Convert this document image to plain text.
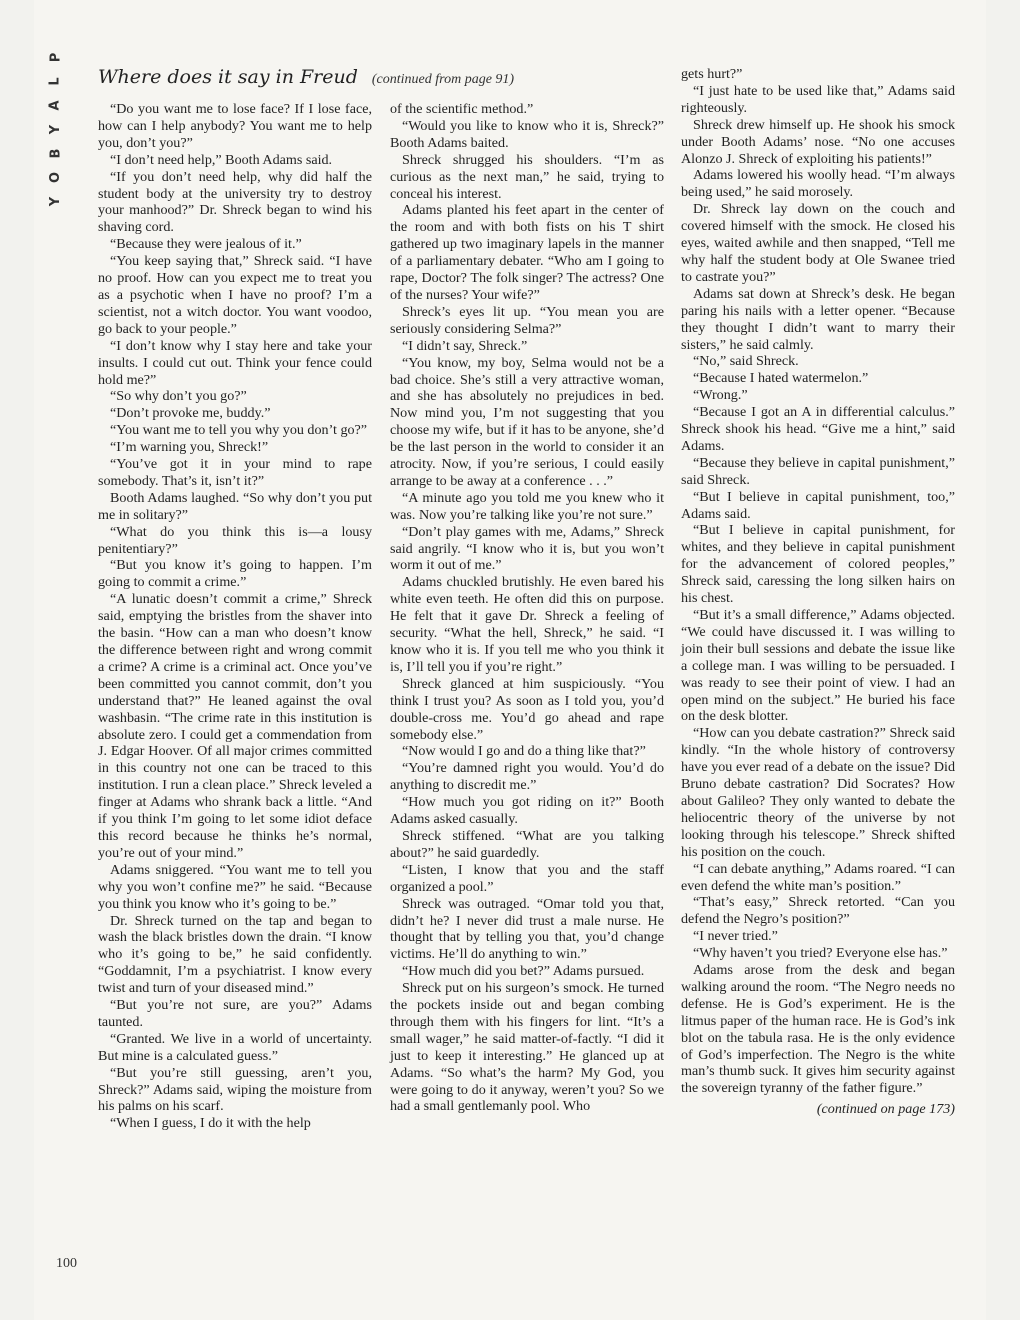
P
L
A
Y
B
O
Y
Where does it say in Freud (continued from page 91)

“Do you want me to lose face? If I lose face, how can I help anybody? You want me to help you, don’t you?”

“I don’t need help,” Booth Adams said.

“If you don’t need help, why did half the student body at the university try to destroy your manhood?” Dr. Shreck began to wind his shaving cord.

“Because they were jealous of it.”

“You keep saying that,” Shreck said. “I have no proof. How can you expect me to treat you as a psychotic when I have no proof? I’m a scientist, not a witch doctor. You want voodoo, go back to your people.”

“I don’t know why I stay here and take your insults. I could cut out. Think your fence could hold me?”

“So why don’t you go?”

“Don’t provoke me, buddy.”

“You want me to tell you why you don’t go?”

“I’m warning you, Shreck!”

“You’ve got it in your mind to rape somebody. That’s it, isn’t it?”

Booth Adams laughed. “So why don’t you put me in solitary?”

“What do you think this is—a lousy penitentiary?”

“But you know it’s going to happen. I’m going to commit a crime.”

“A lunatic doesn’t commit a crime,” Shreck said, emptying the bristles from the shaver into the basin. “How can a man who doesn’t know the difference between right and wrong commit a crime? A crime is a criminal act. Once you’ve been committed you cannot commit, don’t you understand that?” He leaned against the oval washbasin. “The crime rate in this institution is absolute zero. I could get a commendation from J. Edgar Hoover. Of all major crimes committed in this country not one can be traced to this institution. I run a clean place.” Shreck leveled a finger at Adams who shrank back a little. “And if you think I’m going to let some idiot deface this record because he thinks he’s normal, you’re out of your mind.”

Adams sniggered. “You want me to tell you why you won’t confine me?” he said. “Because you think you know who it’s going to be.”

Dr. Shreck turned on the tap and began to wash the black bristles down the drain. “I know who it’s going to be,” he said confidently. “Goddamnit, I’m a psychiatrist. I know every twist and turn of your diseased mind.”

“But you’re not sure, are you?” Adams taunted.

“Granted. We live in a world of uncertainty. But mine is a calculated guess.”

“But you’re still guessing, aren’t you, Shreck?” Adams said, wiping the moisture from his palms on his scarf.

“When I guess, I do it with the help

of the scientific method.”

“Would you like to know who it is, Shreck?” Booth Adams baited.

Shreck shrugged his shoulders. “I’m as curious as the next man,” he said, trying to conceal his interest.

Adams planted his feet apart in the center of the room and with both fists on his T shirt gathered up two imaginary lapels in the manner of a parliamentary debater. “Who am I going to rape, Doctor? The folk singer? The actress? One of the nurses? Your wife?”

Shreck’s eyes lit up. “You mean you are seriously considering Selma?”

“I didn’t say, Shreck.”

“You know, my boy, Selma would not be a bad choice. She’s still a very attractive woman, and she has absolutely no prejudices in bed. Now mind you, I’m not suggesting that you choose my wife, but if it has to be anyone, she’d be the last person in the world to consider it an atrocity. Now, if you’re serious, I could easily arrange to be away at a conference . . .”

“A minute ago you told me you knew who it was. Now you’re talking like you’re not sure.”

“Don’t play games with me, Adams,” Shreck said angrily. “I know who it is, but you won’t worm it out of me.”

Adams chuckled brutishly. He even bared his white even teeth. He often did this on purpose. He felt that it gave Dr. Shreck a feeling of security. “What the hell, Shreck,” he said. “I know who it is. If you tell me who you think it is, I’ll tell you if you’re right.”

Shreck glanced at him suspiciously. “You think I trust you? As soon as I told you, you’d double-cross me. You’d go ahead and rape somebody else.”

“Now would I go and do a thing like that?”

“You’re damned right you would. You’d do anything to discredit me.”

“How much you got riding on it?” Booth Adams asked casually.

Shreck stiffened. “What are you talking about?” he said guardedly.

“Listen, I know that you and the staff organized a pool.”

Shreck was outraged. “Omar told you that, didn’t he? I never did trust a male nurse. He thought that by telling you that, you’d change victims. He’ll do anything to win.”

“How much did you bet?” Adams pursued.

Shreck put on his surgeon’s smock. He turned the pockets inside out and began combing through them with his fingers for lint. “It’s a small wager,” he said matter-of-factly. “I did it just to keep it interesting.” He glanced up at Adams. “So what’s the harm? My God, you were going to do it anyway, weren’t you? So we had a small gentlemanly pool. Who

gets hurt?”

“I just hate to be used like that,” Adams said righteously.

Shreck drew himself up. He shook his smock under Booth Adams’ nose. “No one accuses Alonzo J. Shreck of exploiting his patients!”

Adams lowered his woolly head. “I’m always being used,” he said morosely.

Dr. Shreck lay down on the couch and covered himself with the smock. He closed his eyes, waited awhile and then snapped, “Tell me why half the student body at Ole Swanee tried to castrate you?”

Adams sat down at Shreck’s desk. He began paring his nails with a letter opener. “Because they thought I didn’t want to marry their sisters,” he said calmly.

“No,” said Shreck.

“Because I hated watermelon.”

“Wrong.”

“Because I got an A in differential calculus.” Shreck shook his head. “Give me a hint,” said Adams.

“Because they believe in capital punishment,” said Shreck.

“But I believe in capital punishment, too,” Adams said.

“But I believe in capital punishment, for whites, and they believe in capital punishment for the advancement of colored peoples,” Shreck said, caressing the long silken hairs on his chest.

“But it’s a small difference,” Adams objected. “We could have discussed it. I was willing to join their bull sessions and debate the issue like a college man. I was willing to be persuaded. I was ready to see their point of view. I had an open mind on the subject.” He buried his face on the desk blotter.

“How can you debate castration?” Shreck said kindly. “In the whole history of controversy have you ever read of a debate on the issue? Did Bruno debate castration? Did Socrates? How about Galileo? They only wanted to debate the heliocentric theory of the universe by not looking through his telescope.” Shreck shifted his position on the couch.

“I can debate anything,” Adams roared. “I can even defend the white man’s position.”

“That’s easy,” Shreck retorted. “Can you defend the Negro’s position?”

“I never tried.”

“Why haven’t you tried? Everyone else has.”

Adams arose from the desk and began walking around the room. “The Negro needs no defense. He is God’s experiment. He is the litmus paper of the human race. He is God’s ink blot on the tabula rasa. He is the only evidence of God’s imperfection. The Negro is the white man’s thumb suck. It gives him security against the sovereign tyranny of the father figure.”

(continued on page 173)

100
